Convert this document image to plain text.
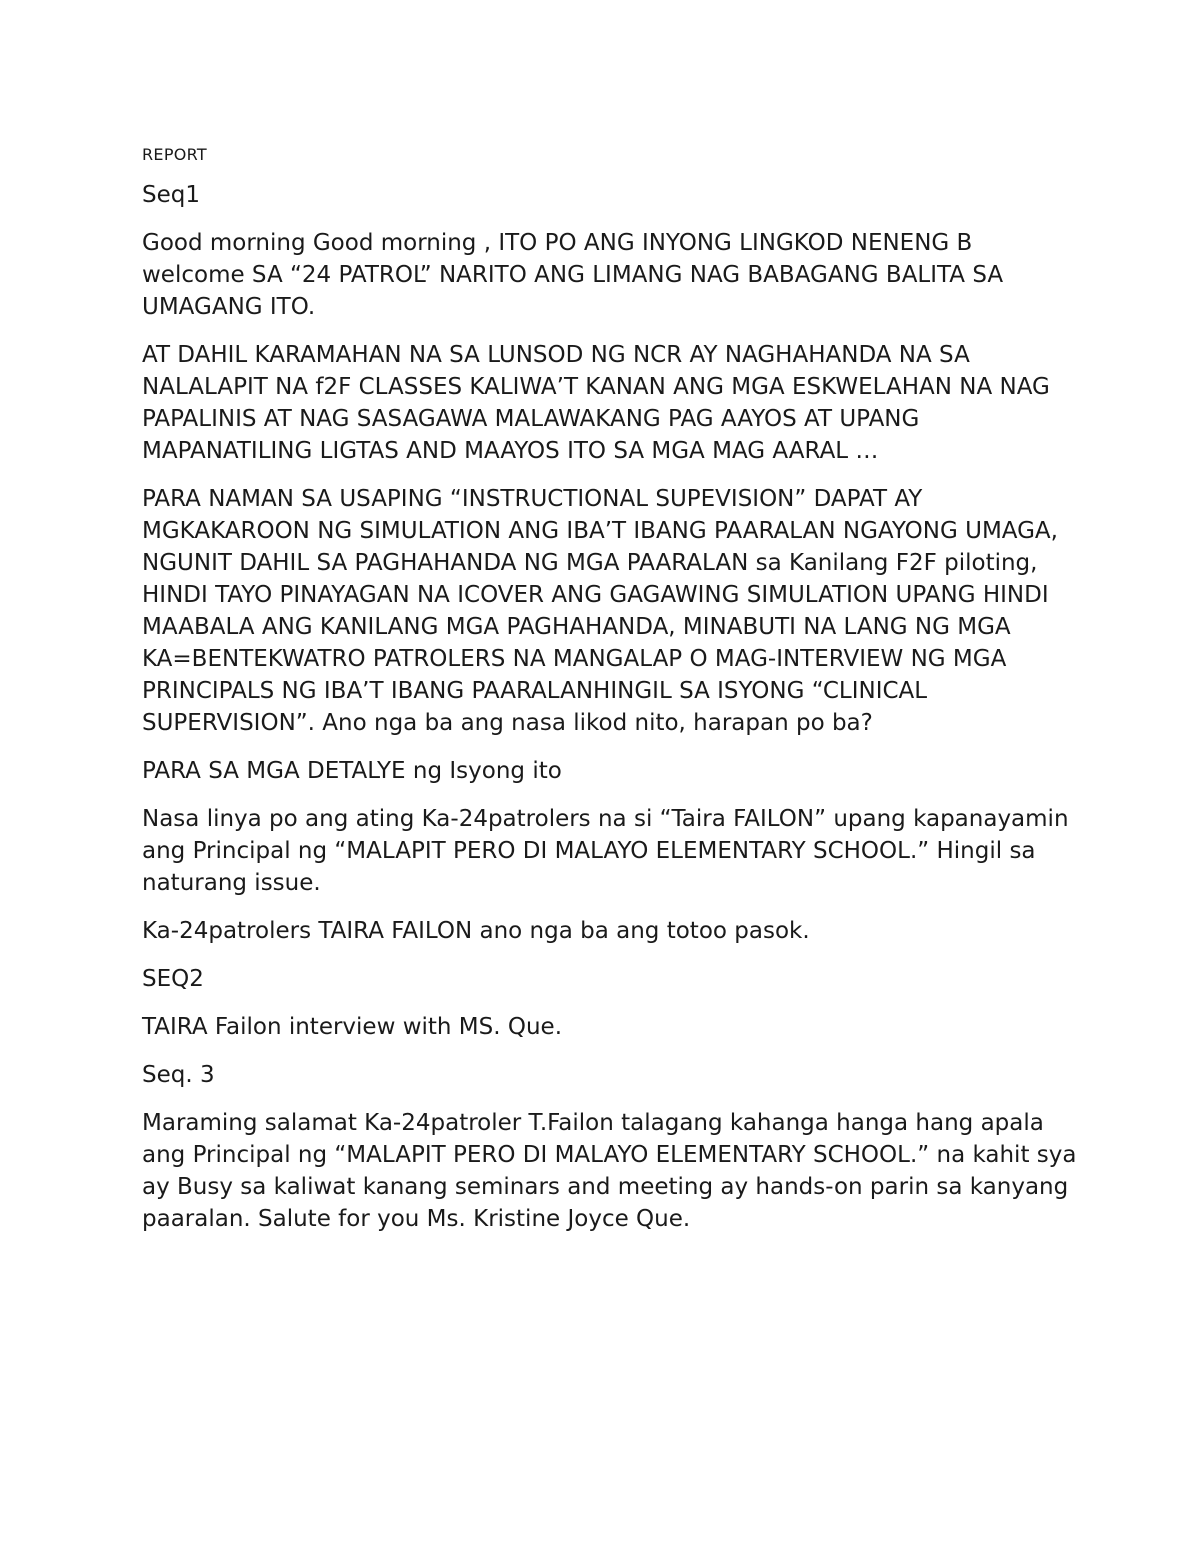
REPORT

Seq1

Good morning Good morning , ITO PO ANG INYONG LINGKOD NENENG B welcome SA “24 PATROL” NARITO ANG LIMANG NAG BABAGANG BALITA SA UMAGANG ITO.

AT DAHIL KARAMAHAN NA SA LUNSOD NG NCR AY NAGHAHANDA NA SA NALALAPIT NA f2F CLASSES KALIWA’T KANAN ANG MGA ESKWELAHAN NA NAG PAPALINIS AT NAG SASAGAWA MALAWAKANG PAG AAYOS AT UPANG MAPANATILING LIGTAS AND MAAYOS ITO SA MGA MAG AARAL …

PARA NAMAN SA USAPING “INSTRUCTIONAL SUPEVISION” DAPAT AY MGKAKAROON NG SIMULATION ANG IBA’T IBANG PAARALAN NGAYONG UMAGA, NGUNIT DAHIL SA PAGHAHANDA NG MGA PAARALAN sa Kanilang F2F piloting, HINDI TAYO PINAYAGAN NA ICOVER ANG GAGAWING SIMULATION UPANG HINDI MAABALA ANG KANILANG MGA PAGHAHANDA, MINABUTI NA LANG NG MGA KA=BENTEKWATRO PATROLERS NA MANGALAP O MAG-INTERVIEW NG MGA PRINCIPALS NG IBA’T IBANG PAARALANHINGIL SA ISYONG “CLINICAL SUPERVISION”. Ano nga ba ang nasa likod nito, harapan po ba?

PARA SA MGA DETALYE ng Isyong ito

Nasa linya po ang ating Ka-24patrolers na si “Taira FAILON” upang kapanayamin ang Principal ng “MALAPIT PERO DI MALAYO ELEMENTARY SCHOOL.” Hingil sa naturang issue.

Ka-24patrolers TAIRA FAILON ano nga ba ang totoo pasok.

SEQ2

TAIRA Failon interview with MS. Que.

Seq. 3

Maraming salamat Ka-24patroler T.Failon talagang kahanga hanga hang apala ang Principal ng “MALAPIT PERO DI MALAYO ELEMENTARY SCHOOL.” na kahit sya ay Busy sa kaliwat kanang seminars and meeting ay hands-on parin sa kanyang paaralan. Salute for you Ms. Kristine Joyce Que.
